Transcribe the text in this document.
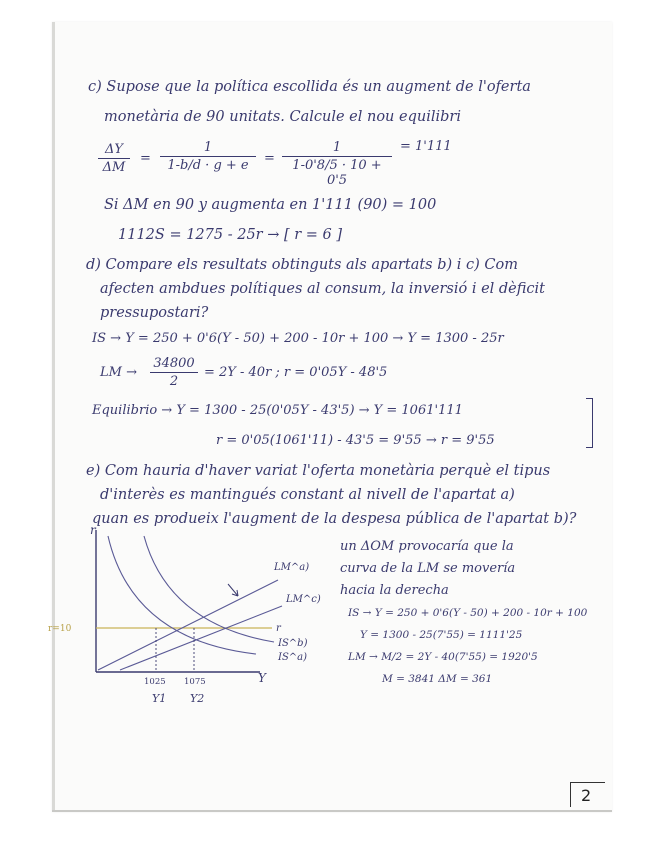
c) Supose que la política escollida és un augment de l'oferta
monetària de 90 unitats. Calcule el nou equilibri
$\frac{\Delta Y}{\Delta M} = \frac{1}{1-b/d \cdot g + e} = \frac{1}{1-0'8/5 \cdot 10 + 0'5} = 1'111$
Si ΔM en 90 y augmenta en 1'111 (90) = 100
1112S = 1275 - 25r → [ r = 6 ]
d) Compare els resultats obtinguts als apartats b) i c) Com
afecten ambdues polítiques al consum, la inversió i el dèficit
pressupostari?
IS → Y = 250 + 0'6(Y - 50) + 200 - 10r + 100 → Y = 1300 - 25r
LM → $\frac{34800}{2} = 2Y - 40r$ ; r = 0'05Y - 48'5
Equilibrio → Y = 1300 - 25(0'05Y - 43'5) → Y = 1061'111
r = 0'05(1061'11) - 43'5 = 9'55 → r = 9'55
e) Com hauria d'haver variat l'oferta monetària perquè el tipus
d'interès es mantingués constant al nivell de l'apartat a)
quan es produeix l'augment de la despesa pública de l'apartat b)?
un ΔOM provocaría que la
curva de la LM se movería
hacia la derecha
IS → Y = 250 + 0'6(Y - 50) + 200 - 10r + 100
Y = 1300 - 25(7'55) = 1111'25
LM → M/2 = 2Y - 40(7'55) = 1920'5
M = 3841 ΔM = 361
r
Y
r=10	r
LM^a)
LM^c)
IS^b)
IS^a)
1025 1075
Y1 Y2
2
